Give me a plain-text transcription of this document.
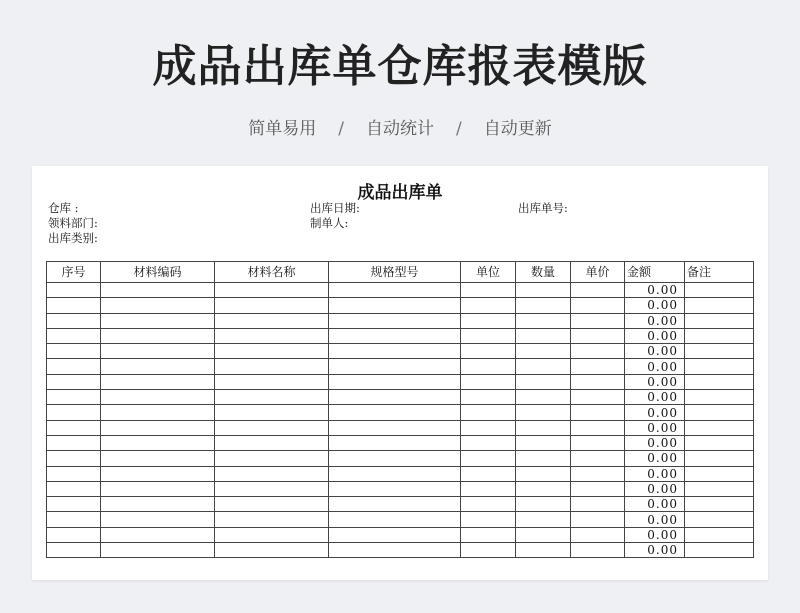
成品出库单仓库报表模版
简单易用 / 自动统计 / 自动更新
成品出库单
仓库 :	出库日期:	出库单号:
领料部门:	制单人:
出库类别:
序号	材料编码	材料名称	规格型号	单位	数量	单价	金额	备注
							0.00	
							0.00	
							0.00	
							0.00	
							0.00	
							0.00	
							0.00	
							0.00	
							0.00	
							0.00	
							0.00	
							0.00	
							0.00	
							0.00	
							0.00	
							0.00	
							0.00	
							0.00	
